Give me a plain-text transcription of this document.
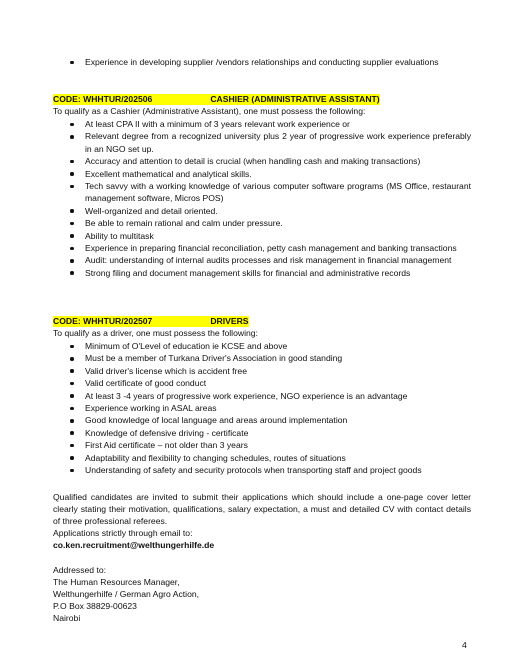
Experience in developing supplier /vendors relationships and conducting supplier evaluations
CODE: WHHTUR/202506	CASHIER (ADMINISTRATIVE ASSISTANT)
To qualify as a Cashier (Administrative Assistant), one must possess the following:
At least CPA II with a minimum of 3 years relevant work experience or
Relevant degree from a recognized university plus 2 year of progressive work experience preferably in an NGO set up.
Accuracy and attention to detail is crucial (when handling cash and making transactions)
Excellent mathematical and analytical skills.
Tech savvy with a working knowledge of various computer software programs (MS Office, restaurant management software, Micros POS)
Well-organized and detail oriented.
Be able to remain rational and calm under pressure.
Ability to multitask
Experience in preparing financial reconciliation, petty cash management and banking transactions
Audit: understanding of internal audits processes and risk management in financial management
Strong filing and document management skills for financial and administrative records
CODE: WHHTUR/202507	DRIVERS
To qualify as a driver, one must possess the following:
Minimum of O'Level of education ie KCSE and above
Must be a member of Turkana Driver's Association in good standing
Valid driver's license which is accident free
Valid certificate of good conduct
At least 3 -4 years of progressive work experience, NGO experience is an advantage
Experience working in ASAL areas
Good knowledge of local language and areas around implementation
Knowledge of defensive driving - certificate
First Aid certificate – not older than 3 years
Adaptability and flexibility to changing schedules, routes of situations
Understanding of safety and security protocols when transporting staff and project goods
Qualified candidates are invited to submit their applications which should include a one-page cover letter clearly stating their motivation, qualifications, salary expectation, a must and detailed CV with contact details of three professional referees.
Applications strictly through email to:
co.ken.recruitment@welthungerhilfe.de
Addressed to:
The Human Resources Manager,
Welthungerhilfe / German Agro Action,
P.O Box 38829-00623
Nairobi
4
